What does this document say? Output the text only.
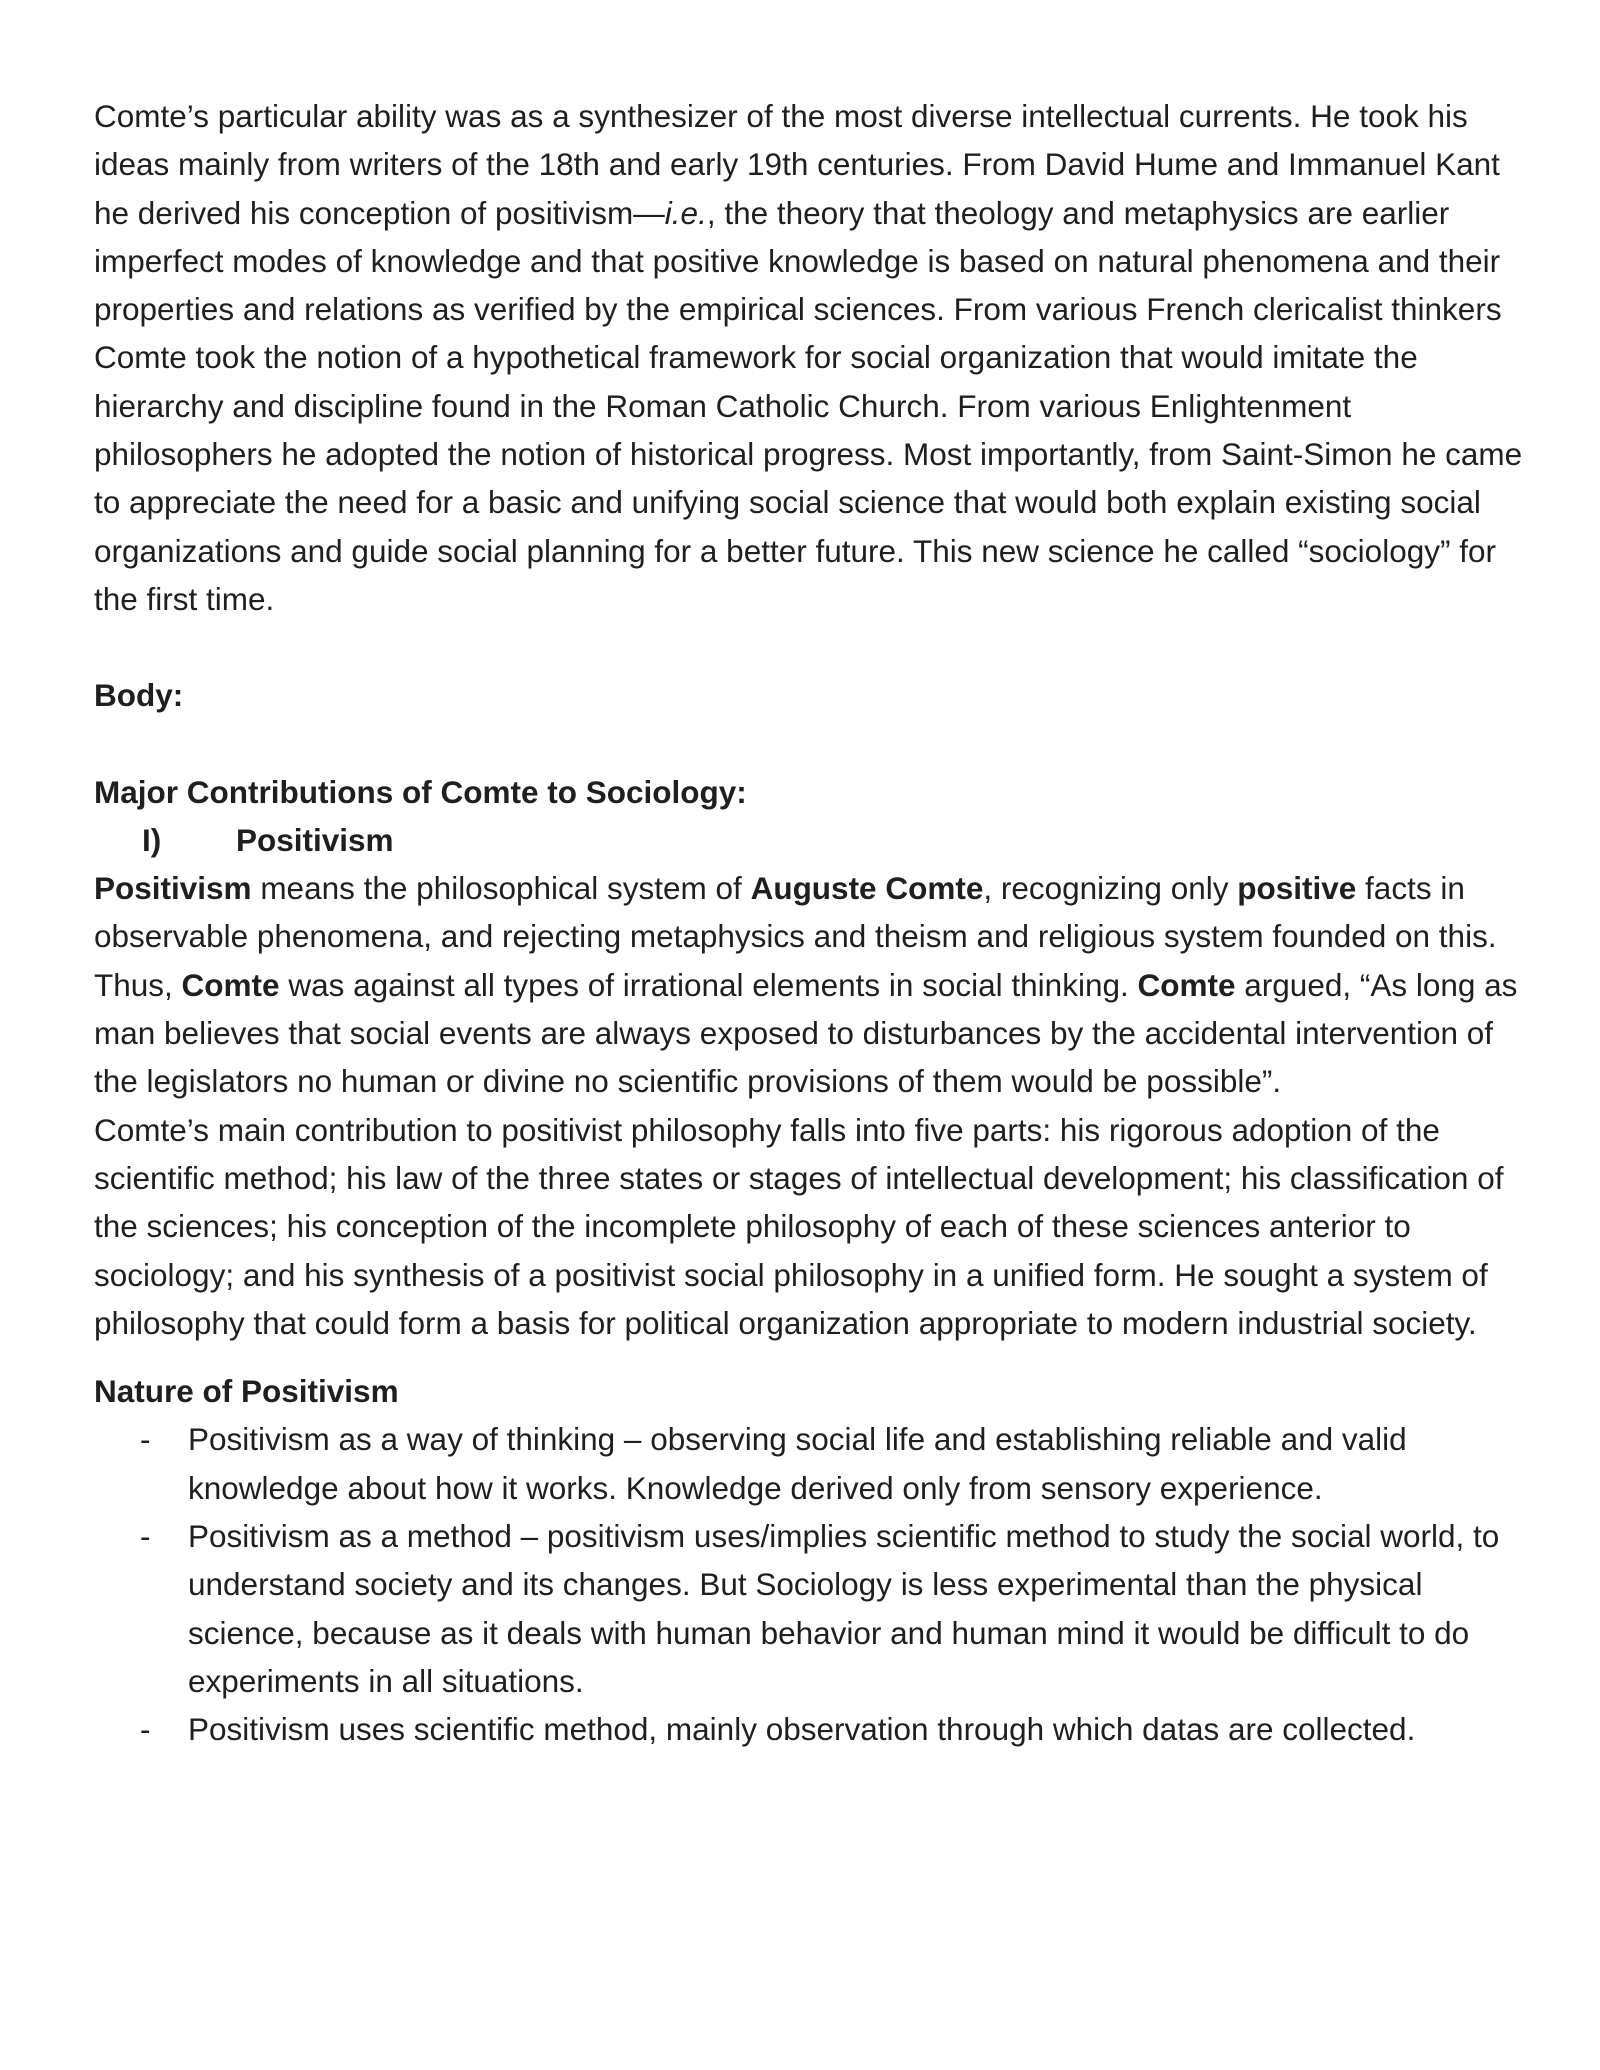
Comte’s particular ability was as a synthesizer of the most diverse intellectual currents. He took his ideas mainly from writers of the 18th and early 19th centuries. From David Hume and Immanuel Kant he derived his conception of positivism—i.e., the theory that theology and metaphysics are earlier imperfect modes of knowledge and that positive knowledge is based on natural phenomena and their properties and relations as verified by the empirical sciences. From various French clericalist thinkers Comte took the notion of a hypothetical framework for social organization that would imitate the hierarchy and discipline found in the Roman Catholic Church. From various Enlightenment philosophers he adopted the notion of historical progress. Most importantly, from Saint-Simon he came to appreciate the need for a basic and unifying social science that would both explain existing social organizations and guide social planning for a better future. This new science he called “sociology” for the first time.

Body:

Major Contributions of Comte to Sociology:

I)	Positivism

Positivism means the philosophical system of Auguste Comte, recognizing only positive facts in observable phenomena, and rejecting metaphysics and theism and religious system founded on this. Thus, Comte was against all types of irrational elements in social thinking. Comte argued, “As long as man believes that social events are always exposed to disturbances by the accidental intervention of the legislators no human or divine no scientific provisions of them would be possible”.

Comte’s main contribution to positivist philosophy falls into five parts: his rigorous adoption of the scientific method; his law of the three states or stages of intellectual development; his classification of the sciences; his conception of the incomplete philosophy of each of these sciences anterior to sociology; and his synthesis of a positivist social philosophy in a unified form. He sought a system of philosophy that could form a basis for political organization appropriate to modern industrial society.

Nature of Positivism

- Positivism as a way of thinking – observing social life and establishing reliable and valid knowledge about how it works. Knowledge derived only from sensory experience.
- Positivism as a method – positivism uses/implies scientific method to study the social world, to understand society and its changes. But Sociology is less experimental than the physical science, because as it deals with human behavior and human mind it would be difficult to do experiments in all situations.
- Positivism uses scientific method, mainly observation through which datas are collected.
